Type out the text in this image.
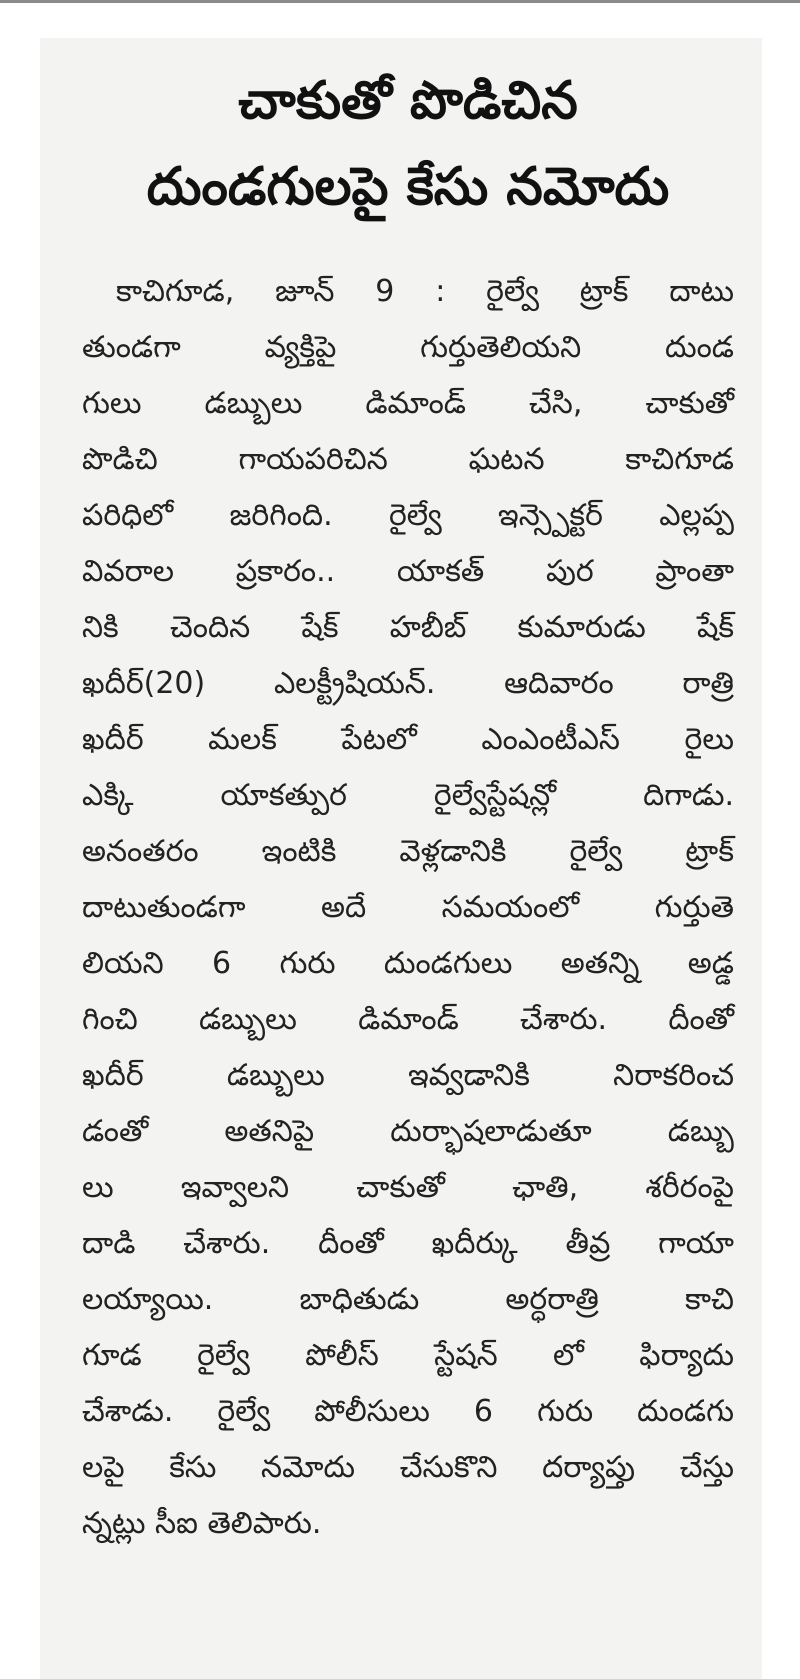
చాకుతో పొడిచిన
దుండగులపై కేసు నమోదు
కాచిగూడ, జూన్ 9 : రైల్వే ట్రాక్ దాటు
తుండగా వ్యక్తిపై గుర్తుతెలియని దుండ
గులు డబ్బులు డిమాండ్ చేసి, చాకుతో
పొడిచి గాయపరిచిన ఘటన కాచిగూడ
పరిధిలో జరిగింది. రైల్వే ఇన్స్పెక్టర్ ఎల్లప్ప
వివరాల ప్రకారం.. యాకత్ పుర ప్రాంతా
నికి చెందిన షేక్ హబీబ్ కుమారుడు షేక్
ఖదీర్(20) ఎలక్ట్రీషియన్. ఆదివారం రాత్రి
ఖదీర్ మలక్ పేటలో ఎంఎంటీఎస్ రైలు
ఎక్కి యాకత్పుర రైల్వేస్టేషన్లో దిగాడు.
అనంతరం ఇంటికి వెళ్లడానికి రైల్వే ట్రాక్
దాటుతుండగా అదే సమయంలో గుర్తుతె
లియని 6 గురు దుండగులు అతన్ని అడ్డ
గించి డబ్బులు డిమాండ్ చేశారు. దీంతో
ఖదీర్ డబ్బులు ఇవ్వడానికి నిరాకరించ
డంతో అతనిపై దుర్భాషలాడుతూ డబ్బు
లు ఇవ్వాలని చాకుతో ఛాతి, శరీరంపై
దాడి చేశారు. దీంతో ఖదీర్కు తీవ్ర గాయా
లయ్యాయి. బాధితుడు అర్ధరాత్రి కాచి
గూడ రైల్వే పోలీస్ స్టేషన్ లో ఫిర్యాదు
చేశాడు. రైల్వే పోలీసులు 6 గురు దుండగు
లపై కేసు నమోదు చేసుకొని దర్యాప్తు చేస్తు
న్నట్లు సీఐ తెలిపారు.
